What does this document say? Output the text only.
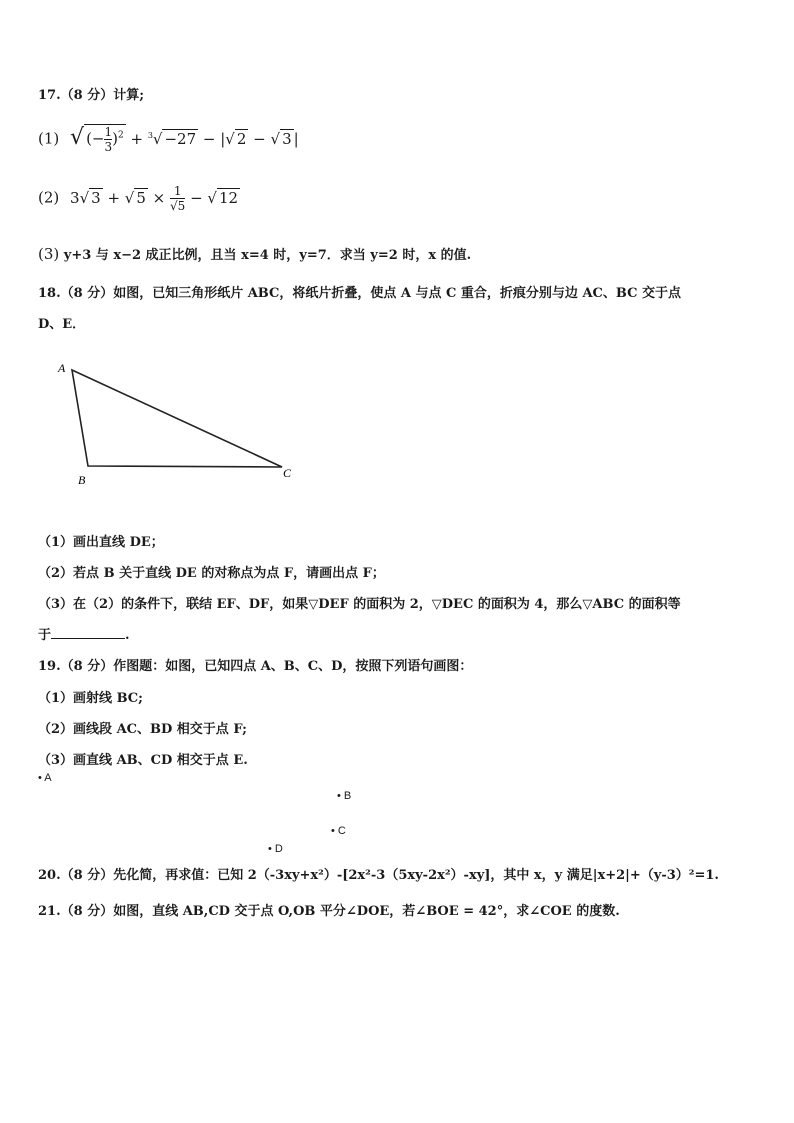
17.（8 分）计算;
(1) √ (− $\frac{1}{3} )^2 + ^3√ -27$ − |√ 2 − √ 3 |
(2) 3√ 3 + √ $5 \times \frac{1}{√5}$ − √ 12
(3) y+3 与 x−2 成正比例，且当 x=4 时，y=7．求当 y=2 时，x 的值.
18.（8 分）如图，已知三角形纸片 ABC，将纸片折叠，使点 A 与点 C 重合，折痕分别与边 AC、BC 交于点
D、E．
A
B	C
（1）画出直线 DE；
（2）若点 B 关于直线 DE 的对称点为点 F，请画出点 F；
（3）在（2）的条件下，联结 EF、DF，如果▽DEF 的面积为 2，▽DEC 的面积为 4，那么▽ABC 的面积等
于	.
19.（8 分）作图题：如图，已知四点 A、B、C、D，按照下列语句画图：
（1）画射线 BC;
（2）画线段 AC、BD 相交于点 F;
（3）画直线 AB、CD 相交于点 E.
• A
• B
• C
• D
20.（8 分）先化简，再求值：已知 2（-3xy+x²）-[2x²-3（5xy-2x²）-xy]，其中 x，y 满足|x+2|+（y-3）²=1.
21.（8 分）如图，直线 AB,CD 交于点 O,OB 平分∠DOE，若∠BOE = 42°，求∠COE 的度数.
